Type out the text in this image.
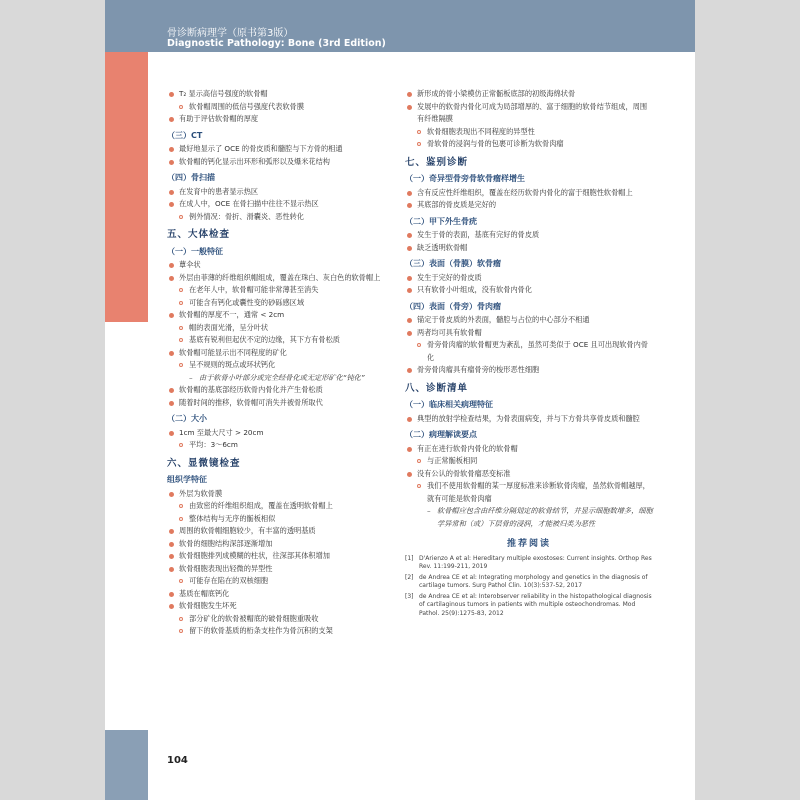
骨诊断病理学（原书第3版）
Diagnostic Pathology: Bone (3rd Edition)
T₂ 显示高信号强度的软骨帽
软骨帽周围的低信号强度代表软骨膜
有助于评估软骨帽的厚度
（三）CT
最好地显示了 OCE 的骨皮质和髓腔与下方骨的相通
软骨帽的钙化显示出环形和弧形以及爆米花结构
（四）骨扫描
在发育中的患者显示热区
在成人中，OCE 在骨扫描中往往不显示热区
例外情况：骨折、滑囊炎、恶性转化
五、大体检查
（一）一般特征
蕈伞状
外层由菲薄的纤维组织帽组成，覆盖在珠白、灰白色的软骨帽上
在老年人中，软骨帽可能非常薄甚至消失
可能含有钙化或囊性变的砂砾感区域
软骨帽的厚度不一，通常 < 2cm
帽的表面光滑，呈分叶状
基底有锐利但起伏不定的边缘，其下方有骨松质
软骨帽可能显示出不同程度的矿化
呈不规则的斑点或环状钙化
– 由于软骨小叶部分或完全经骨化或无定形矿化“钝化”
软骨帽的基底部经历软骨内骨化并产生骨松质
随着时间的推移，软骨帽可消失并被骨所取代
（二）大小
1cm 至最大尺寸 > 20cm
平均：3～6cm
六、显微镜检查
组织学特征
外层为软骨膜
由致密的纤维组织组成，覆盖在透明软骨帽上
整体结构与无序的骺板相似
周围的软骨帽细胞较少，有丰富的透明基质
软骨的细胞结构深部逐渐增加
软骨细胞排列成模糊的柱状，往深部其体积增加
软骨细胞表现出轻微的异型性
可能存在陷在的双核细胞
基质在帽底钙化
软骨细胞发生坏死
部分矿化的软骨被帽底的破骨细胞重吸收
留下的软骨基质的桁条支柱作为骨沉积的支架
新形成的骨小梁模仿正常骺板底部的初级海绵状骨
发展中的软骨内骨化可成为局部增厚的、富于细胞的软骨结节组成，周围有纤维隔膜
软骨细胞表现出不同程度的异型性
骨软骨的浸润与骨的包裹可诊断为软骨肉瘤
七、鉴别诊断
（一）奇异型骨旁骨软骨瘤样增生
含有反应性纤维组织，覆盖在经历软骨内骨化的富于细胞性软骨帽上
其底部的骨皮质是完好的
（二）甲下外生骨疣
发生于骨的表面，基底有完好的骨皮质
缺乏透明软骨帽
（三）表面（骨膜）软骨瘤
发生于完好的骨皮质
只有软骨小叶组成，没有软骨内骨化
（四）表面（骨旁）骨肉瘤
锚定于骨皮质的外表面，髓腔与占位的中心部分不相通
两者均可具有软骨帽
骨旁骨肉瘤的软骨帽更为紊乱，虽然可类似于 OCE 且可出现软骨内骨化
骨旁骨肉瘤具有瘤骨旁的梭形恶性细胞
八、诊断清单
（一）临床相关病理特征
典型的放射学检查结果，为骨表面病变，并与下方骨共享骨皮质和髓腔
（二）病理解读要点
有正在进行软骨内骨化的软骨帽
与正常骺板相同
没有公认的骨软骨瘤恶变标准
我们不使用软骨帽的某一厚度标准来诊断软骨肉瘤，虽然软骨帽越厚，就有可能是软骨肉瘤
– 软骨帽应包含由纤维分隔划定的软骨结节，并显示细胞数增多，细胞学异常和（或）下层骨的浸润，才能被归类为恶性
推荐阅读
[1] D'Arienzo A et al: Hereditary multiple exostoses: Current insights. Orthop Res Rev. 11:199-211, 2019
[2] de Andrea CE et al: Integrating morphology and genetics in the diagnosis of cartilage tumors. Surg Pathol Clin. 10(3):537-52, 2017
[3] de Andrea CE et al: Interobserver reliability in the histopathological diagnosis of cartilaginous tumors in patients with multiple osteochondromas. Mod Pathol. 25(9):1275-83, 2012
104
